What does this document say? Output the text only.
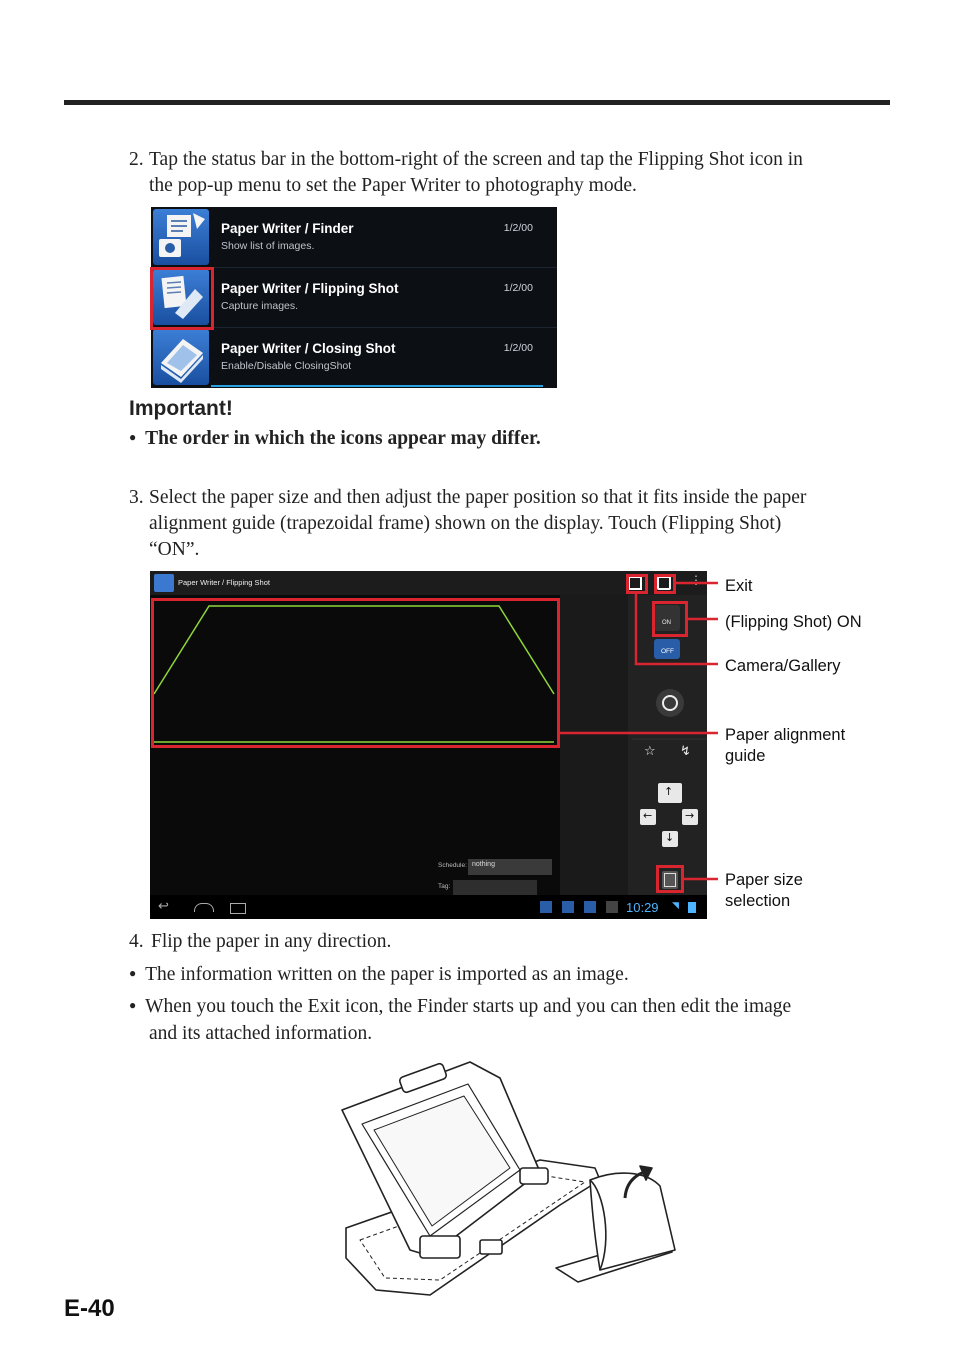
2. Tap the status bar in the bottom-right of the screen and tap the Flipping Shot icon in
the pop-up menu to set the Paper Writer to photography mode.
Paper Writer / Finder
Show list of images.
1/2/00
Paper Writer / Flipping Shot
Capture images.
1/2/00
Paper Writer / Closing Shot
Enable/Disable ClosingShot
1/2/00
Important!
● The order in which the icons appear may differ.
3. Select the paper size and then adjust the paper position so that it fits inside the paper
alignment guide (trapezoidal frame) shown on the display. Touch (Flipping Shot)
“ON”.
Paper Writer / Flipping Shot	⋮
ON
OFF
☆ ↯
↑
←	→
↓
Schedule: nothing
Tag:
↩	10:29 ◥
Exit
(Flipping Shot) ON
Camera/Gallery
Paper alignment
guide
Paper size
selection
4. Flip the paper in any direction.
● The information written on the paper is imported as an image.
● When you touch the Exit icon, the Finder starts up and you can then edit the image
and its attached information.
E-40
